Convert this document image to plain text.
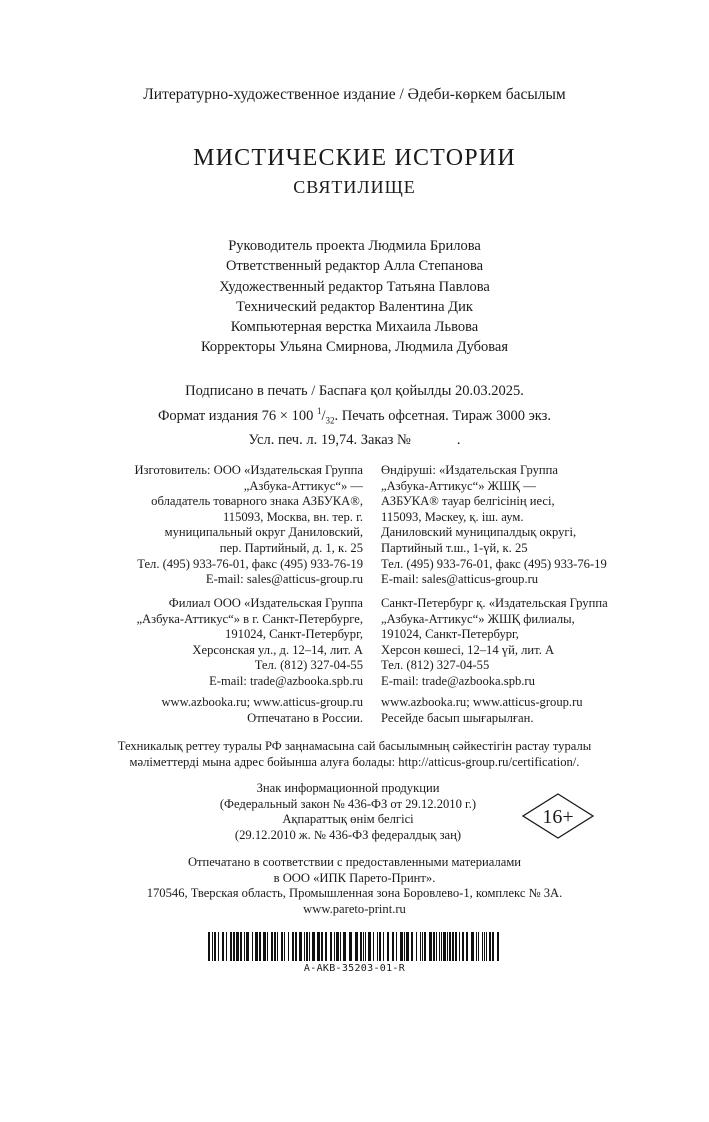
Литературно-художественное издание / Әдеби-көркем басылым
МИСТИЧЕСКИЕ ИСТОРИИ
СВЯТИЛИЩЕ
Руководитель проекта Людмила Брилова
Ответственный редактор Алла Степанова
Художественный редактор Татьяна Павлова
Технический редактор Валентина Дик
Компьютерная верстка Михаила Львова
Корректоры Ульяна Смирнова, Людмила Дубовая
Подписано в печать / Баспаға қол қойылды 20.03.2025.
Формат издания 76 × 100 $^1/_{32}$. Печать офсетная. Тираж 3000 экз.
Усл. печ. л. 19,74. Заказ №	.
Изготовитель: ООО «Издательская Группа
„Азбука-Аттикус“» —
обладатель товарного знака АЗБУКА®,
115093, Москва, вн. тер. г.
муниципальный округ Даниловский,
пер. Партийный, д. 1, к. 25
Тел. (495) 933-76-01, факс (495) 933-76-19
E-mail: sales@atticus-group.ru
Өндіруші: «Издательская Группа
„Азбука-Аттикус“» ЖШҚ —
АЗБУКА® тауар белгісінің иесі,
115093, Мәскеу, қ. іш. аум.
Даниловский муниципалдық округі,
Партийный т.ш., 1-үй, к. 25
Тел. (495) 933-76-01, факс (495) 933-76-19
E-mail: sales@atticus-group.ru
Филиал ООО «Издательская Группа
„Азбука-Аттикус“» в г. Санкт-Петербурге,
191024, Санкт-Петербург,
Херсонская ул., д. 12–14, лит. А
Тел. (812) 327-04-55
E-mail: trade@azbooka.spb.ru
Санкт-Петербург қ. «Издательская Группа
„Азбука-Аттикус“» ЖШҚ филиалы,
191024, Санкт-Петербург,
Херсон көшесі, 12–14 үй, лит. А
Тел. (812) 327-04-55
E-mail: trade@azbooka.spb.ru
www.azbooka.ru; www.atticus-group.ru
Отпечатано в России.
www.azbooka.ru; www.atticus-group.ru
Ресейде басып шығарылған.
Техникалық реттеу туралы РФ заңнамасына сай басылымның сәйкестігін растау туралы
мәліметтерді мына адрес бойынша алуға болады: http://atticus-group.ru/certification/.
Знак информационной продукции
(Федеральный закон № 436-ФЗ от 29.12.2010 г.)
Ақпараттық өнім белгісі
(29.12.2010 ж. № 436-ФЗ федералдық заң)
16+
Отпечатано в соответствии с предоставленными материалами
в ООО «ИПК Парето-Принт».
170546, Тверская область, Промышленная зона Боровлево-1, комплекс № 3А.
www.pareto-print.ru
A-AKB-35203-01-R
